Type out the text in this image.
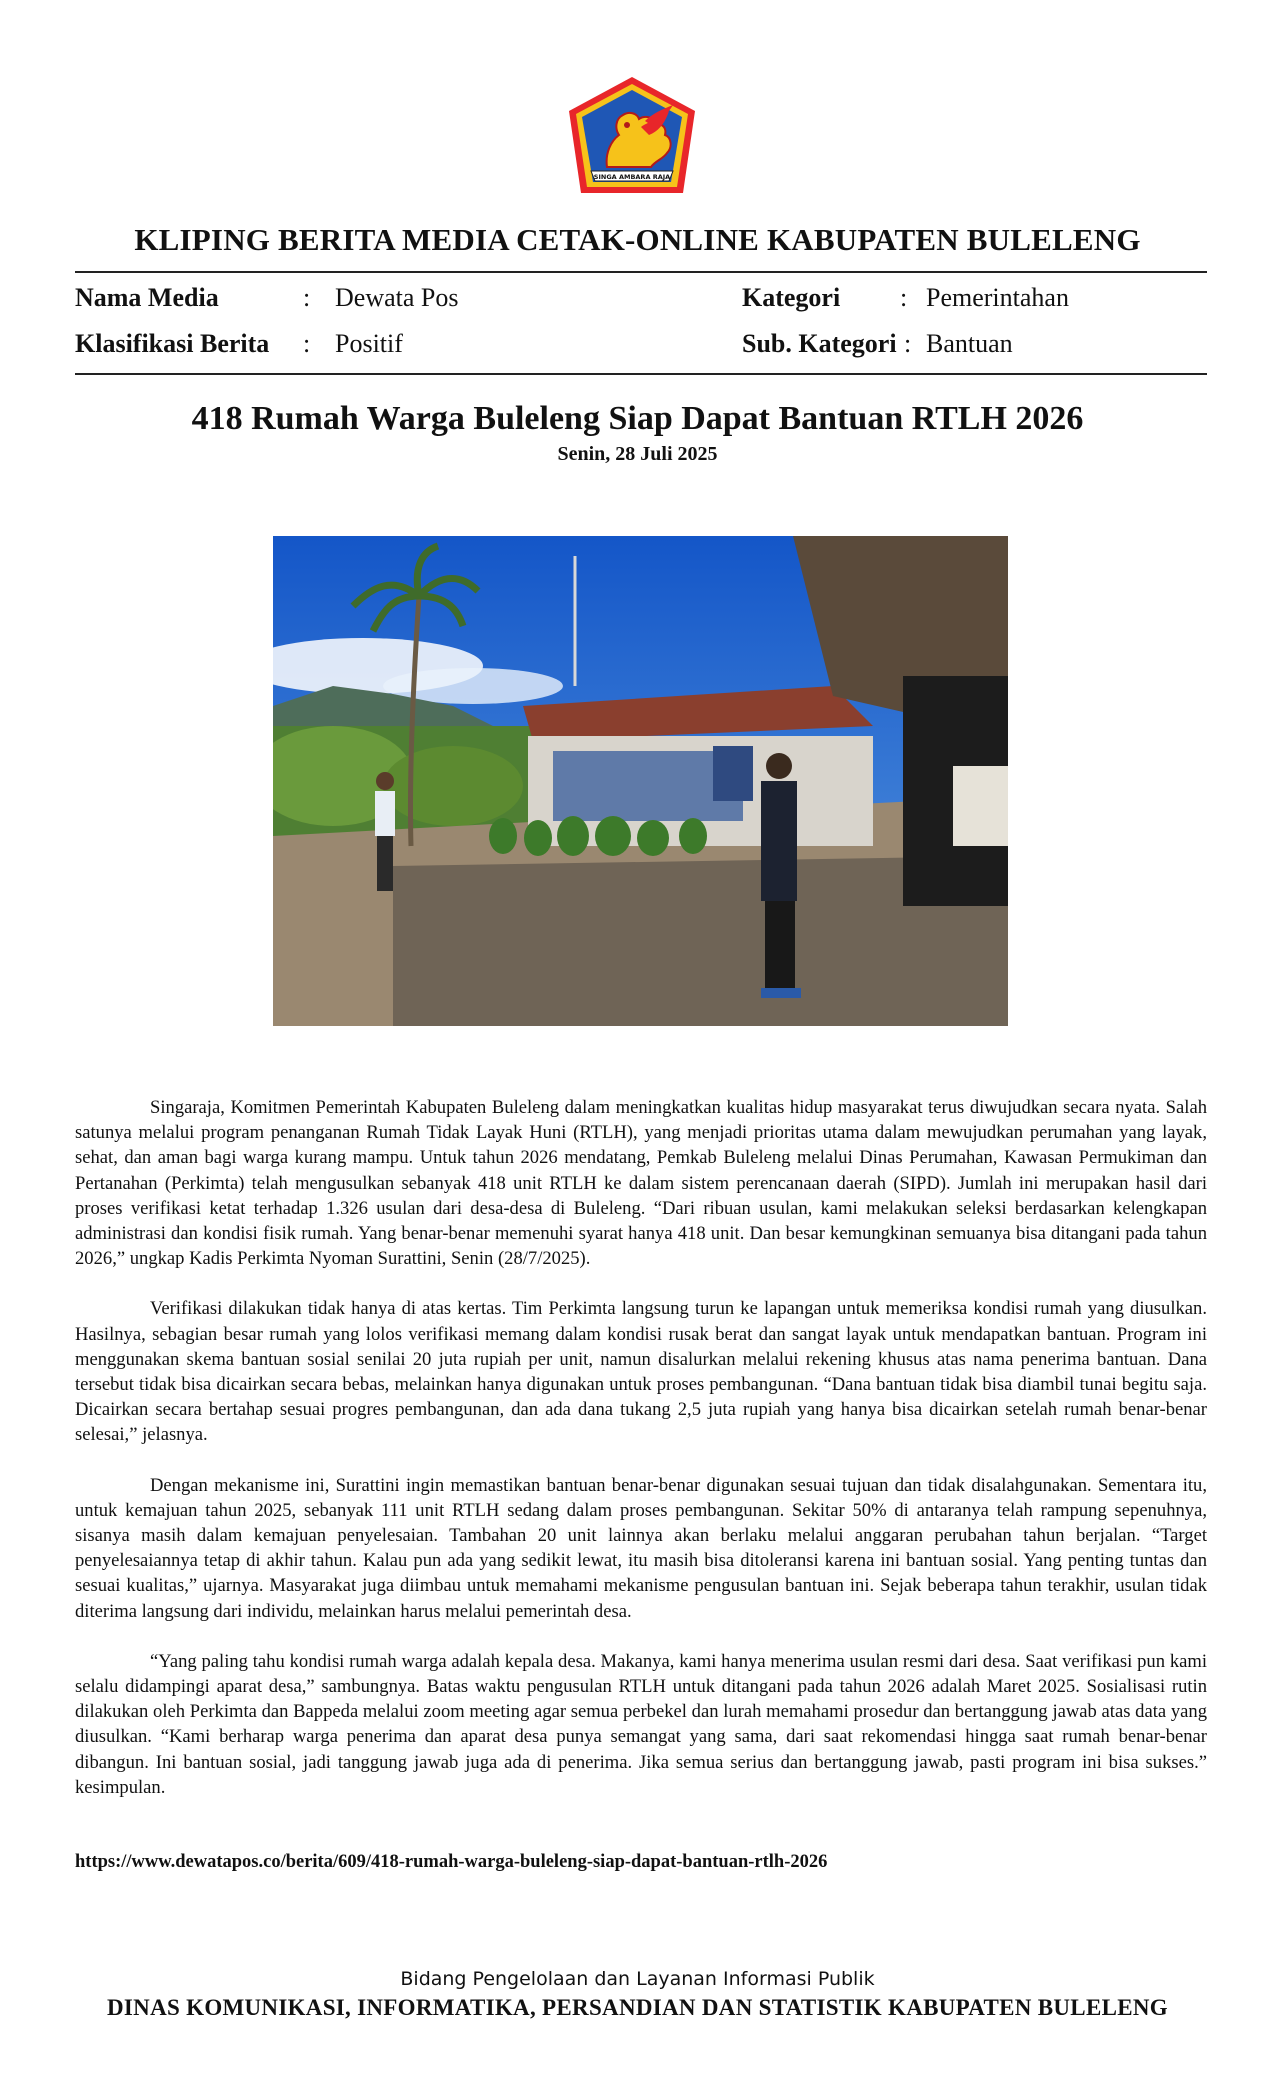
SINGA AMBARA RAJA
KLIPING BERITA MEDIA CETAK-ONLINE KABUPATEN BULELENG
Nama Media	: Dewata Pos
Klasifikasi Berita : Positif
Kategori : Pemerintahan
Sub. Kategori : Bantuan
418 Rumah Warga Buleleng Siap Dapat Bantuan RTLH 2026
Senin, 28 Juli 2025

Singaraja, Komitmen Pemerintah Kabupaten Buleleng dalam meningkatkan kualitas hidup masyarakat terus diwujudkan secara nyata. Salah satunya melalui program penanganan Rumah Tidak Layak Huni (RTLH), yang menjadi prioritas utama dalam mewujudkan perumahan yang layak, sehat, dan aman bagi warga kurang mampu. Untuk tahun 2026 mendatang, Pemkab Buleleng melalui Dinas Perumahan, Kawasan Permukiman dan Pertanahan (Perkimta) telah mengusulkan sebanyak 418 unit RTLH ke dalam sistem perencanaan daerah (SIPD). Jumlah ini merupakan hasil dari proses verifikasi ketat terhadap 1.326 usulan dari desa-desa di Buleleng. “Dari ribuan usulan, kami melakukan seleksi berdasarkan kelengkapan administrasi dan kondisi fisik rumah. Yang benar-benar memenuhi syarat hanya 418 unit. Dan besar kemungkinan semuanya bisa ditangani pada tahun 2026,” ungkap Kadis Perkimta Nyoman Surattini, Senin (28/7/2025).

Verifikasi dilakukan tidak hanya di atas kertas. Tim Perkimta langsung turun ke lapangan untuk memeriksa kondisi rumah yang diusulkan. Hasilnya, sebagian besar rumah yang lolos verifikasi memang dalam kondisi rusak berat dan sangat layak untuk mendapatkan bantuan. Program ini menggunakan skema bantuan sosial senilai 20 juta rupiah per unit, namun disalurkan melalui rekening khusus atas nama penerima bantuan. Dana tersebut tidak bisa dicairkan secara bebas, melainkan hanya digunakan untuk proses pembangunan. “Dana bantuan tidak bisa diambil tunai begitu saja. Dicairkan secara bertahap sesuai progres pembangunan, dan ada dana tukang 2,5 juta rupiah yang hanya bisa dicairkan setelah rumah benar-benar selesai,” jelasnya.

Dengan mekanisme ini, Surattini ingin memastikan bantuan benar-benar digunakan sesuai tujuan dan tidak disalahgunakan. Sementara itu, untuk kemajuan tahun 2025, sebanyak 111 unit RTLH sedang dalam proses pembangunan. Sekitar 50% di antaranya telah rampung sepenuhnya, sisanya masih dalam kemajuan penyelesaian. Tambahan 20 unit lainnya akan berlaku melalui anggaran perubahan tahun berjalan. “Target penyelesaiannya tetap di akhir tahun. Kalau pun ada yang sedikit lewat, itu masih bisa ditoleransi karena ini bantuan sosial. Yang penting tuntas dan sesuai kualitas,” ujarnya. Masyarakat juga diimbau untuk memahami mekanisme pengusulan bantuan ini. Sejak beberapa tahun terakhir, usulan tidak diterima langsung dari individu, melainkan harus melalui pemerintah desa.

“Yang paling tahu kondisi rumah warga adalah kepala desa. Makanya, kami hanya menerima usulan resmi dari desa. Saat verifikasi pun kami selalu didampingi aparat desa,” sambungnya. Batas waktu pengusulan RTLH untuk ditangani pada tahun 2026 adalah Maret 2025. Sosialisasi rutin dilakukan oleh Perkimta dan Bappeda melalui zoom meeting agar semua perbekel dan lurah memahami prosedur dan bertanggung jawab atas data yang diusulkan. “Kami berharap warga penerima dan aparat desa punya semangat yang sama, dari saat rekomendasi hingga saat rumah benar-benar dibangun. Ini bantuan sosial, jadi tanggung jawab juga ada di penerima. Jika semua serius dan bertanggung jawab, pasti program ini bisa sukses.” kesimpulan.

https://www.dewatapos.co/berita/609/418-rumah-warga-buleleng-siap-dapat-bantuan-rtlh-2026
Bidang Pengelolaan dan Layanan Informasi Publik
DINAS KOMUNIKASI, INFORMATIKA, PERSANDIAN DAN STATISTIK KABUPATEN BULELENG
